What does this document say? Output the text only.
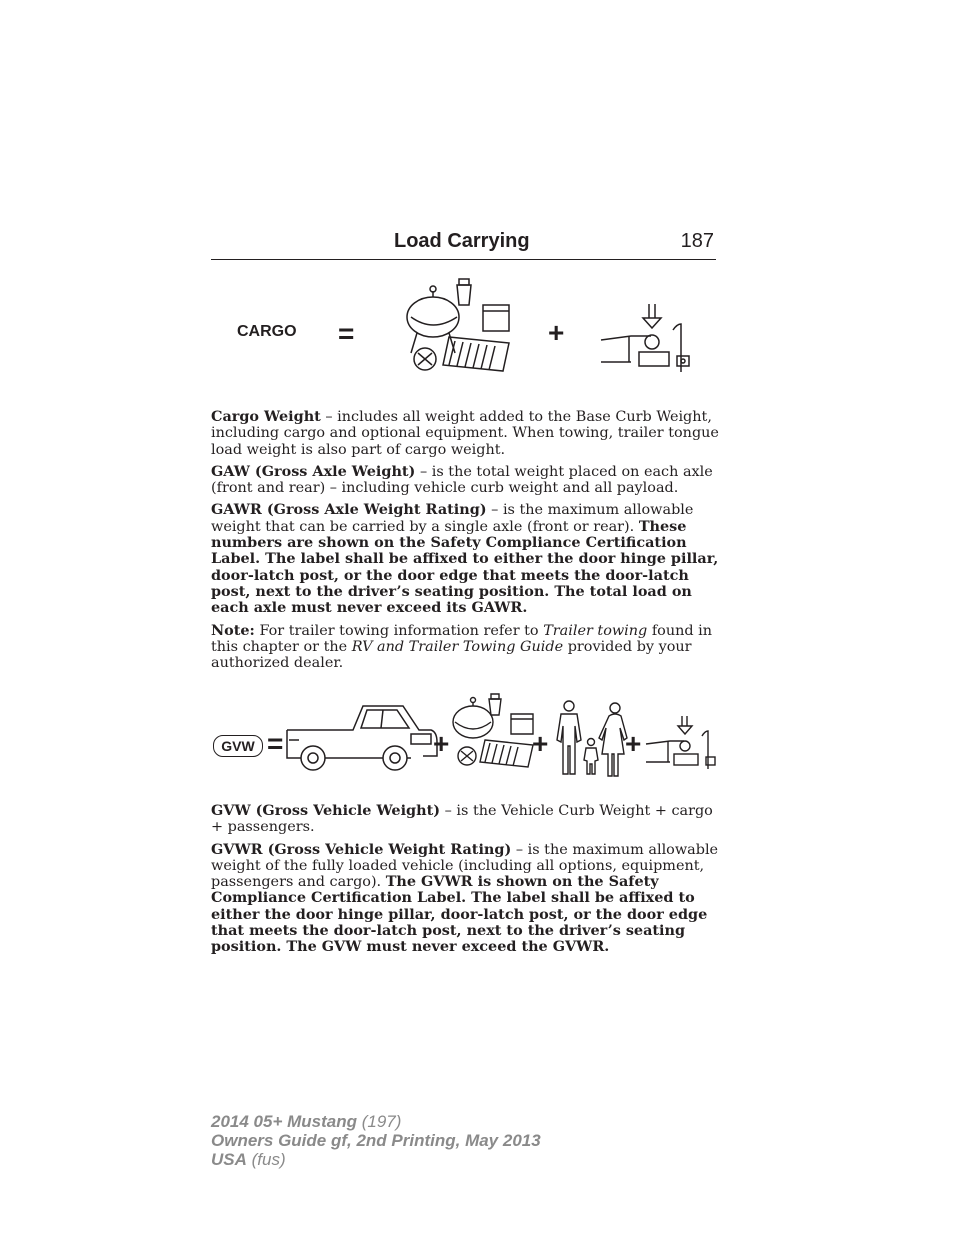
Load Carrying	187
CARGO =	+

Cargo Weight – includes all weight added to the Base Curb Weight, including cargo and optional equipment. When towing, trailer tongue load weight is also part of cargo weight.

GAW (Gross Axle Weight) – is the total weight placed on each axle (front and rear) – including vehicle curb weight and all payload.

GAWR (Gross Axle Weight Rating) – is the maximum allowable weight that can be carried by a single axle (front or rear). These numbers are shown on the Safety Compliance Certification Label. The label shall be affixed to either the door hinge pillar, door-latch post, or the door edge that meets the door-latch post, next to the driver’s seating position. The total load on each axle must never exceed its GAWR.

Note: For trailer towing information refer to Trailer towing found in this chapter or the RV and Trailer Towing Guide provided by your authorized dealer.

GVW =	+	+	+

GVW (Gross Vehicle Weight) – is the Vehicle Curb Weight + cargo + passengers.

GVWR (Gross Vehicle Weight Rating) – is the maximum allowable weight of the fully loaded vehicle (including all options, equipment, passengers and cargo). The GVWR is shown on the Safety Compliance Certification Label. The label shall be affixed to either the door hinge pillar, door-latch post, or the door edge that meets the door-latch post, next to the driver’s seating position. The GVW must never exceed the GVWR.

2014 05+ Mustang (197)
Owners Guide gf, 2nd Printing, May 2013
USA (fus)
